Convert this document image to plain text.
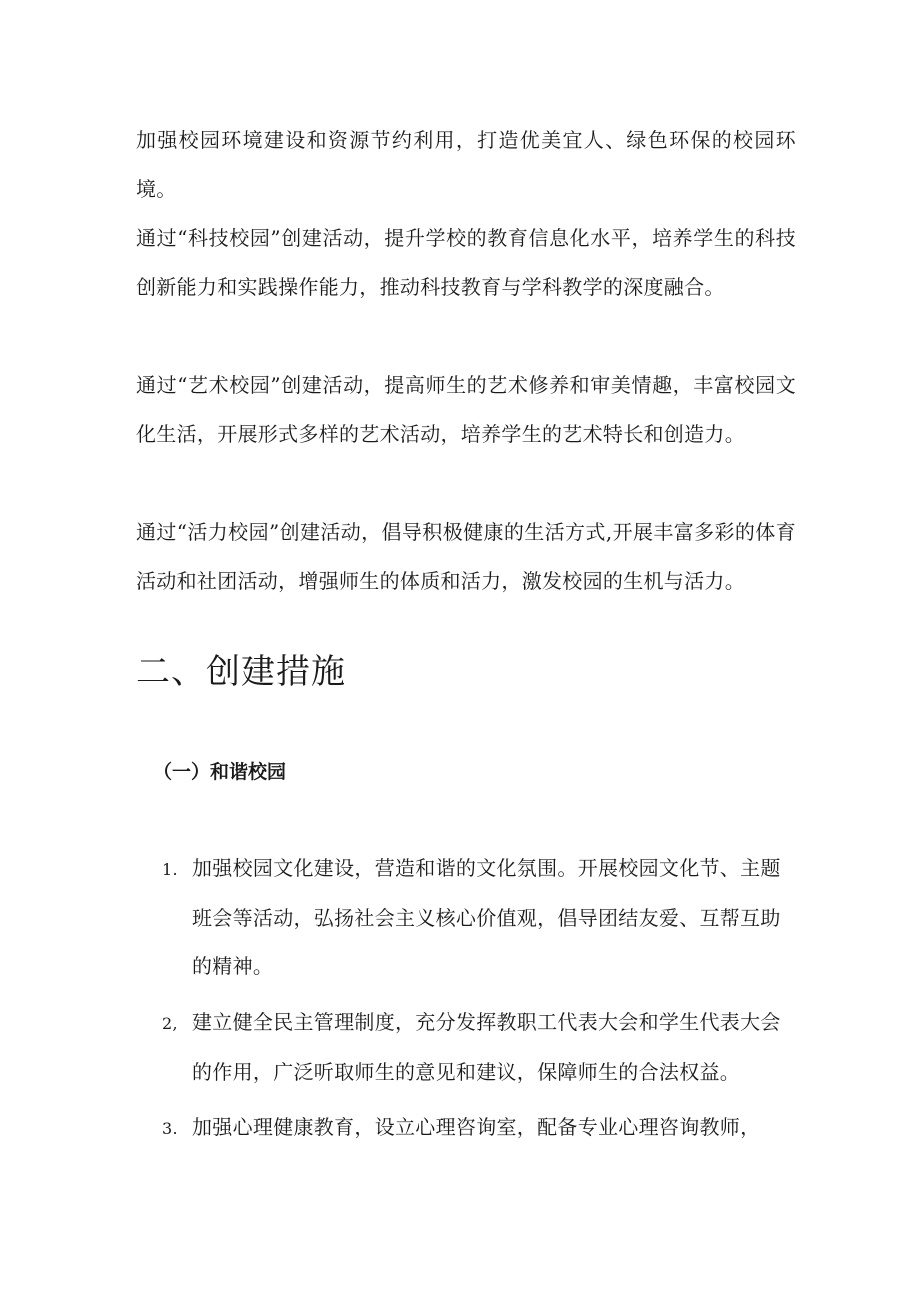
加强校园环境建设和资源节约利用，打造优美宜人、绿色环保的校园环境。

通过“科技校园”创建活动，提升学校的教育信息化水平，培养学生的科技创新能力和实践操作能力，推动科技教育与学科教学的深度融合。

通过“艺术校园”创建活动，提高师生的艺术修养和审美情趣，丰富校园文化生活，开展形式多样的艺术活动，培养学生的艺术特长和创造力。

通过“活力校园”创建活动，倡导积极健康的生活方式,开展丰富多彩的体育活动和社团活动，增强师生的体质和活力，激发校园的生机与活力。

二、创建措施
（一）和谐校园

1. 加强校园文化建设，营造和谐的文化氛围。开展校园文化节、主题班会等活动，弘扬社会主义核心价值观，倡导团结友爱、互帮互助的精神。

2, 建立健全民主管理制度，充分发挥教职工代表大会和学生代表大会的作用，广泛听取师生的意见和建议，保障师生的合法权益。

3. 加强心理健康教育，设立心理咨询室，配备专业心理咨询教师，
